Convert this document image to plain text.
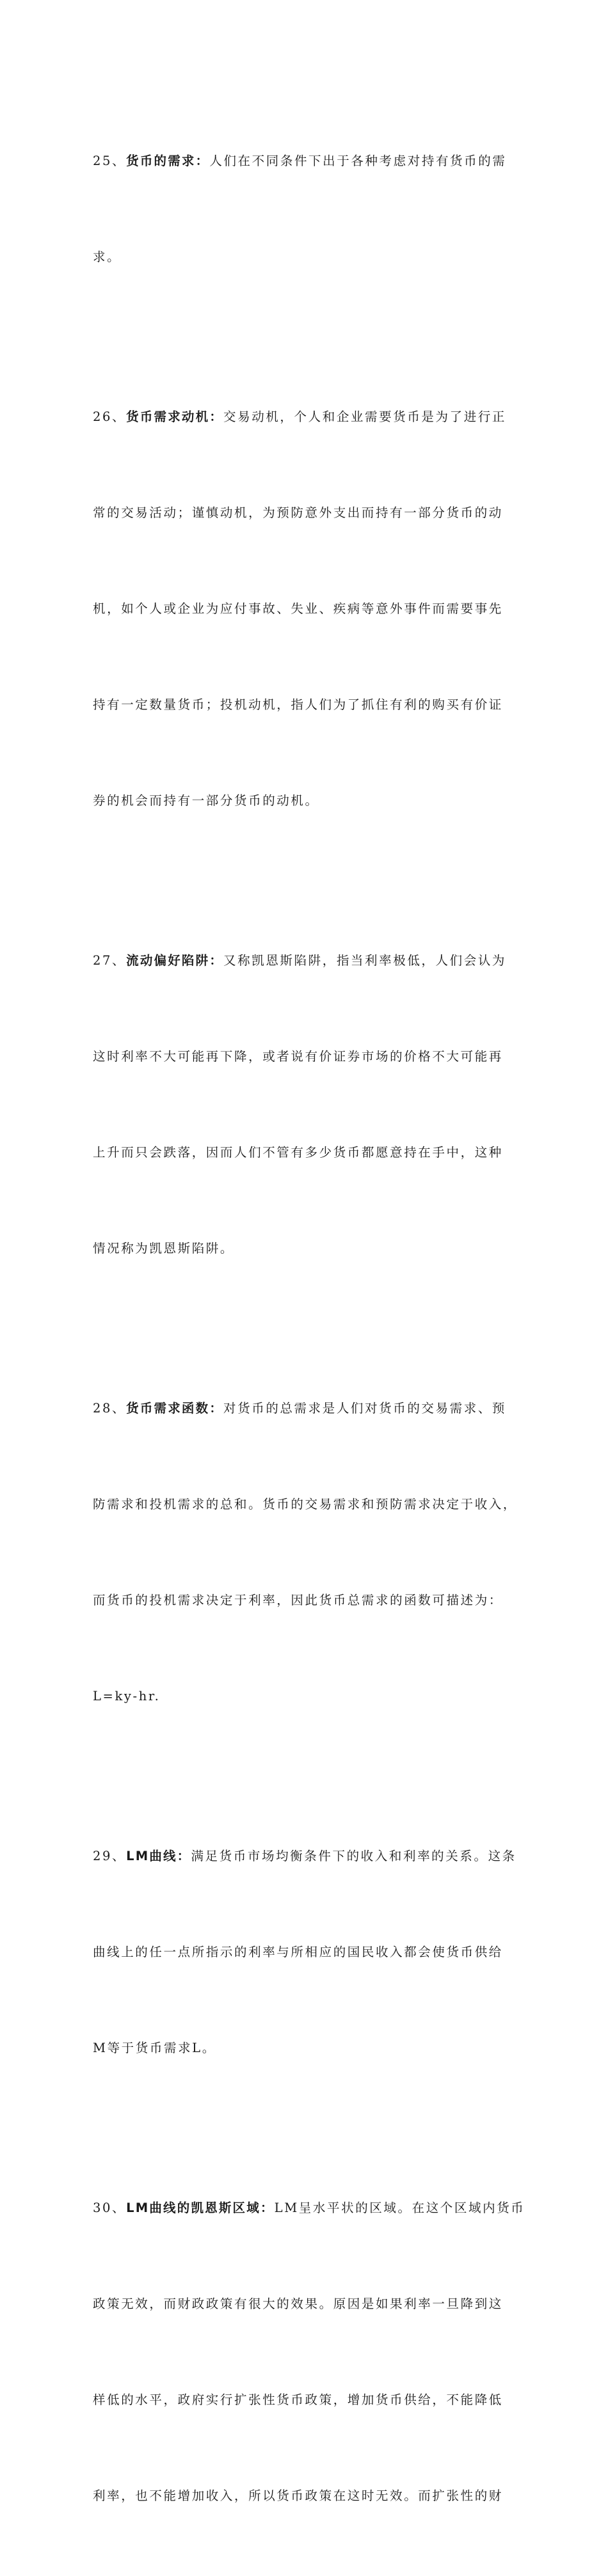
25、货币的需求：人们在不同条件下出于各种考虑对持有货币的需

求。

26、货币需求动机：交易动机，个人和企业需要货币是为了进行正

常的交易活动；谨慎动机，为预防意外支出而持有一部分货币的动

机，如个人或企业为应付事故、失业、疾病等意外事件而需要事先

持有一定数量货币；投机动机，指人们为了抓住有利的购买有价证

券的机会而持有一部分货币的动机。

27、流动偏好陷阱：又称凯恩斯陷阱，指当利率极低，人们会认为

这时利率不大可能再下降，或者说有价证券市场的价格不大可能再

上升而只会跌落，因而人们不管有多少货币都愿意持在手中，这种

情况称为凯恩斯陷阱。

28、货币需求函数：对货币的总需求是人们对货币的交易需求、预

防需求和投机需求的总和。货币的交易需求和预防需求决定于收入，

而货币的投机需求决定于利率，因此货币总需求的函数可描述为：

L=ky-hr.

29、LM曲线：满足货币市场均衡条件下的收入和利率的关系。这条

曲线上的任一点所指示的利率与所相应的国民收入都会使货币供给

M等于货币需求L。

30、LM曲线的凯恩斯区域：LM呈水平状的区域。在这个区域内货币

政策无效，而财政政策有很大的效果。原因是如果利率一旦降到这

样低的水平，政府实行扩张性货币政策，增加货币供给，不能降低

利率，也不能增加收入，所以货币政策在这时无效。而扩张性的财
